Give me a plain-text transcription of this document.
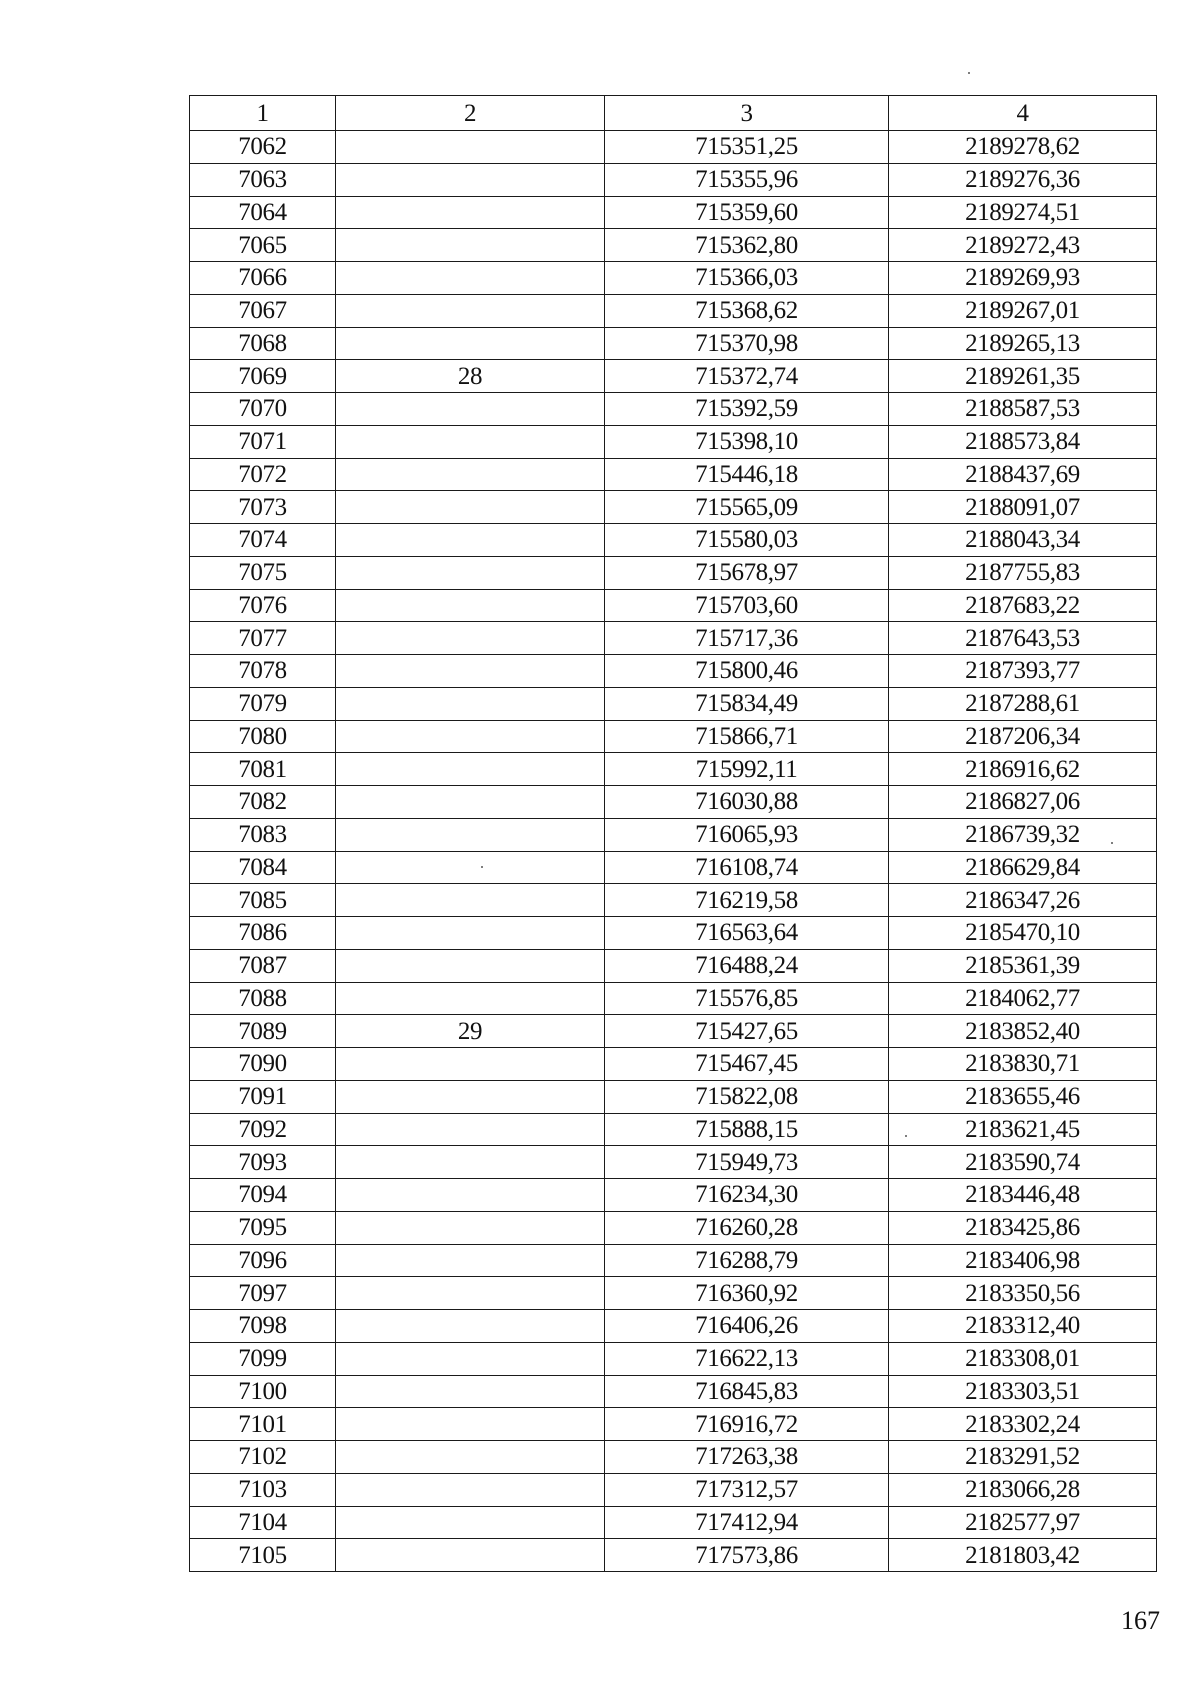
1	2	3	4
7062		715351,25	2189278,62
7063		715355,96	2189276,36
7064		715359,60	2189274,51
7065		715362,80	2189272,43
7066		715366,03	2189269,93
7067		715368,62	2189267,01
7068		715370,98	2189265,13
7069	28	715372,74	2189261,35
7070		715392,59	2188587,53
7071		715398,10	2188573,84
7072		715446,18	2188437,69
7073		715565,09	2188091,07
7074		715580,03	2188043,34
7075		715678,97	2187755,83
7076		715703,60	2187683,22
7077		715717,36	2187643,53
7078		715800,46	2187393,77
7079		715834,49	2187288,61
7080		715866,71	2187206,34
7081		715992,11	2186916,62
7082		716030,88	2186827,06
7083		716065,93	2186739,32
7084		716108,74	2186629,84
7085		716219,58	2186347,26
7086		716563,64	2185470,10
7087		716488,24	2185361,39
7088		715576,85	2184062,77
7089	29	715427,65	2183852,40
7090		715467,45	2183830,71
7091		715822,08	2183655,46
7092		715888,15	2183621,45
7093		715949,73	2183590,74
7094		716234,30	2183446,48
7095		716260,28	2183425,86
7096		716288,79	2183406,98
7097		716360,92	2183350,56
7098		716406,26	2183312,40
7099		716622,13	2183308,01
7100		716845,83	2183303,51
7101		716916,72	2183302,24
7102		717263,38	2183291,52
7103		717312,57	2183066,28
7104		717412,94	2182577,97
7105		717573,86	2181803,42
167
